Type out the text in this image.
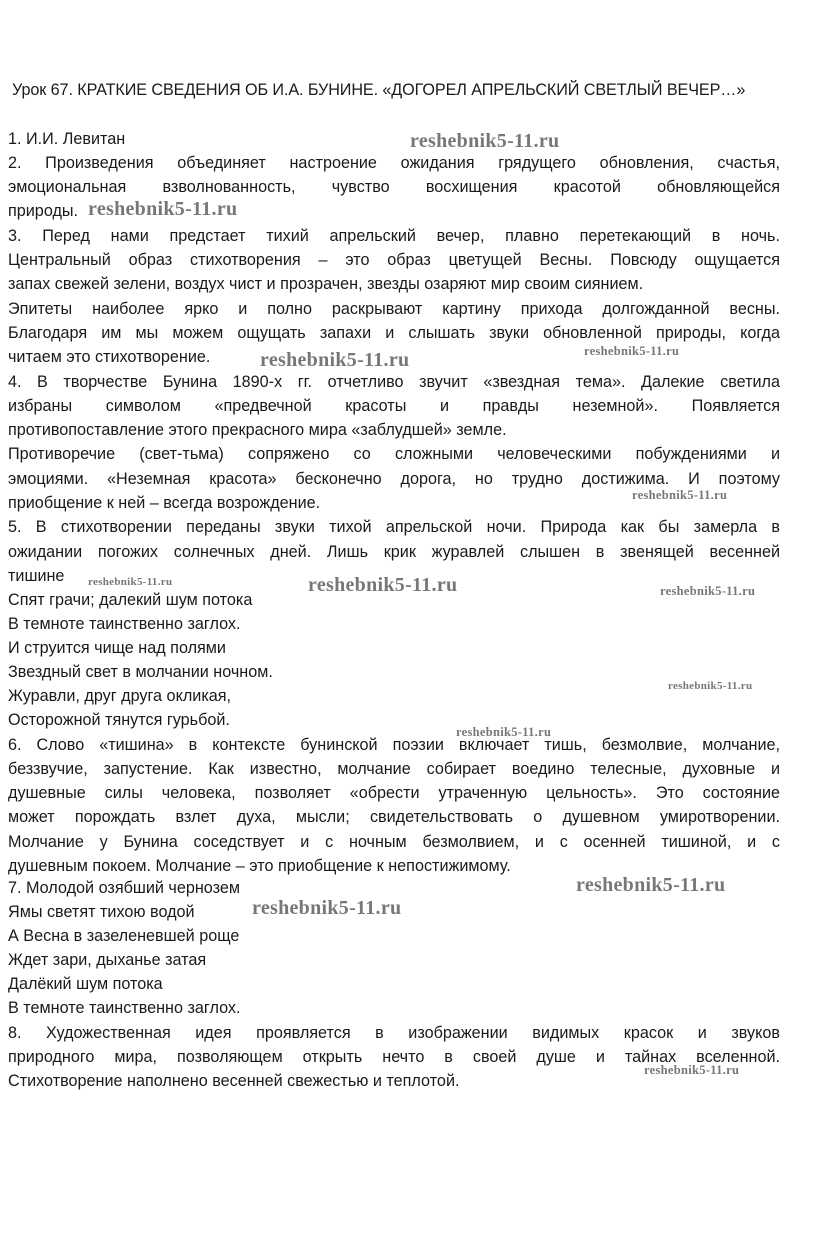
Урок 67. КРАТКИЕ СВЕДЕНИЯ ОБ И.А. БУНИНЕ. «ДОГОРЕЛ АПРЕЛЬСКИЙ СВЕТЛЫЙ ВЕЧЕР…»
1. И.И. Левитан
2. Произведения объединяет настроение ожидания грядущего обновления, счастья,
эмоциональная взволнованность, чувство восхищения красотой обновляющейся
природы.
3. Перед нами предстает тихий апрельский вечер, плавно перетекающий в ночь.
Центральный образ стихотворения – это образ цветущей Весны. Повсюду ощущается
запах свежей зелени, воздух чист и прозрачен, звезды озаряют мир своим сиянием.
Эпитеты наиболее ярко и полно раскрывают картину прихода долгожданной весны.
Благодаря им мы можем ощущать запахи и слышать звуки обновленной природы, когда
читаем это стихотворение.
4. В творчестве Бунина 1890-х гг. отчетливо звучит «звездная тема». Далекие светила
избраны символом «предвечной красоты и правды неземной». Появляется
противопоставление этого прекрасного мира «заблудшей» земле.
Противоречие (свет-тьма) сопряжено со сложными человеческими побуждениями и
эмоциями. «Неземная красота» бесконечно дорога, но трудно достижима. И поэтому
приобщение к ней – всегда возрождение.
5. В стихотворении переданы звуки тихой апрельской ночи. Природа как бы замерла в
ожидании погожих солнечных дней. Лишь крик журавлей слышен в звенящей весенней
тишине
Спят грачи; далекий шум потока
В темноте таинственно заглох.
И струится чище над полями
Звездный свет в молчании ночном.
Журавли, друг друга окликая,
Осторожной тянутся гурьбой.
6. Слово «тишина» в контексте бунинской поэзии включает тишь, безмолвие, молчание,
беззвучие, запустение. Как известно, молчание собирает воедино телесные, духовные и
душевные силы человека, позволяет «обрести утраченную цельность». Это состояние
может порождать взлет духа, мысли; свидетельствовать о душевном умиротворении.
Молчание у Бунина соседствует и с ночным безмолвием, и с осенней тишиной, и с
душевным покоем. Молчание – это приобщение к непостижимому.
7. Молодой озябший чернозем
Ямы светят тихою водой
А Весна в зазеленевшей роще
Ждет зари, дыханье затая
Далёкий шум потока
В темноте таинственно заглох.
8. Художественная идея проявляется в изображении видимых красок и звуков
природного мира, позволяющем открыть нечто в своей душе и тайнах вселенной.
Стихотворение наполнено весенней свежестью и теплотой.
reshebnik5-11.ru
reshebnik5-11.ru
reshebnik5-11.ru	reshebnik5-11.ru
reshebnik5-11.ru
reshebnik5-11.ru	reshebnik5-11.ru	reshebnik5-11.ru
reshebnik5-11.ru
reshebnik5-11.ru
reshebnik5-11.ru
reshebnik5-11.ru
reshebnik5-11.ru
